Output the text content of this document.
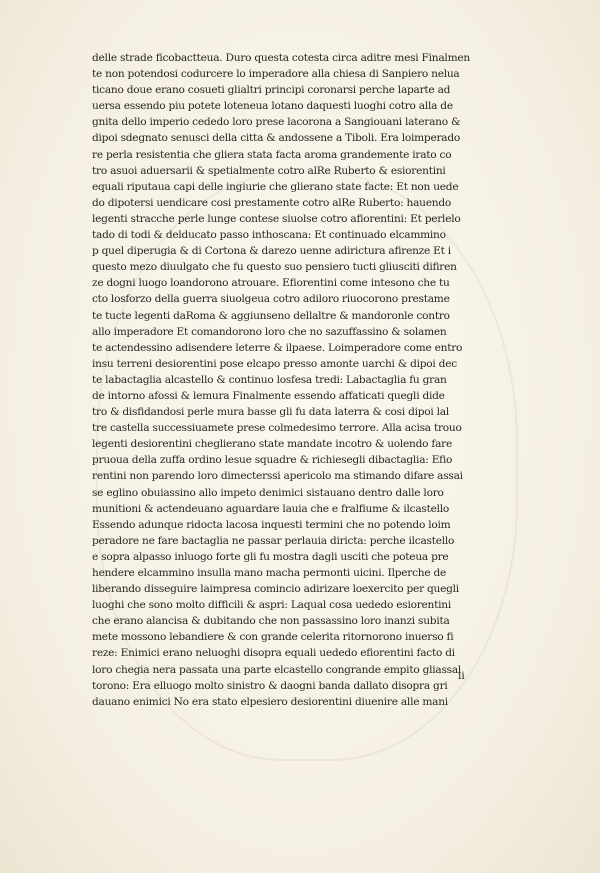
delle strade ficobactteua. Duro questa cotesta circa aditre mesi Finalmen
te non potendosi codurcere lo imperadore alla chiesa di Sanpiero nelua
ticano doue erano cosueti glialtri principi coronarsi perche laparte ad
uersa essendo piu potete loteneua lotano daquesti luoghi cotro alla de
gnita dello imperio cededo loro prese lacorona a Sangiouani laterano &
dipoi sdegnato senusci della citta & andossene a Tiboli. Era loimperado
re perla resistentia che gliera stata facta aroma grandemente irato co
tro asuoi aduersarii & spetialmente cotro alRe Ruberto & esiorentini
equali riputaua capi delle ingiurie che glierano state facte: Et non uede
do dipotersi uendicare cosi prestamente cotro alRe Ruberto: hauendo
legenti stracche perle lunge contese siuolse cotro afiorentini: Et perlelo
tado di todi & delducato passo inthoscana: Et continuado elcammino
p quel diperugia & di Cortona & darezo uenne adirictura afirenze Et i
questo mezo diuulgato che fu questo suo pensiero tucti gliusciti difiren
ze dogni luogo loandorono atrouare. Efiorentini come intesono che tu
cto losforzo della guerra siuolgeua cotro adiloro riuocorono prestame
te tucte legenti daRoma & aggiunseno dellaltre & mandoronle contro
allo imperadore Et comandorono loro che no sazuffassino & solamen
te actendessino adisendere leterre & ilpaese. Loimperadore come entro
insu terreni desiorentini pose elcapo presso amonte uarchi & dipoi dec
te labactaglia alcastello & continuo losfesa tredi: Labactaglia fu gran
de intorno afossi & lemura Finalmente essendo affaticati quegli dide
tro & disfidandosi perle mura basse gli fu data laterra & cosi dipoi lal
tre castella successiuamete prese colmedesimo terrore. Alla acisa trouo
legenti desiorentini cheglierano state mandate incotro & uolendo fare
pruoua della zuffa ordino lesue squadre & richiesegli dibactaglia: Efio
rentini non parendo loro dimecterssi apericolo ma stimando difare assai
se eglino obuiassino allo impeto denimici sistauano dentro dalle loro
munitioni & actendeuano aguardare lauia che e fralfiume & ilcastello
Essendo adunque ridocta lacosa inquesti termini che no potendo loim
peradore ne fare bactaglia ne passar perlauia diricta: perche ilcastello
e sopra alpasso inluogo forte gli fu mostra dagli usciti che poteua pre
hendere elcammino insulla mano macha permonti uicini. Ilperche de
liberando disseguire laimpresa comincio adirizare loexercito per quegli
luoghi che sono molto difficili & aspri: Laqual cosa uededo esiorentini
che erano alancisa & dubitando che non passassino loro inanzi subita
mete mossono lebandiere & con grande celerita ritornorono inuerso fi
reze: Enimici erano neluoghi disopra equali uededo efiorentini facto di
loro chegia nera passata una parte elcastello congrande empito gliassal
torono: Era elluogo molto sinistro & daogni banda dallato disopra gri
dauano enimici No era stato elpesiero desiorentini diuenire alle mani
ii
